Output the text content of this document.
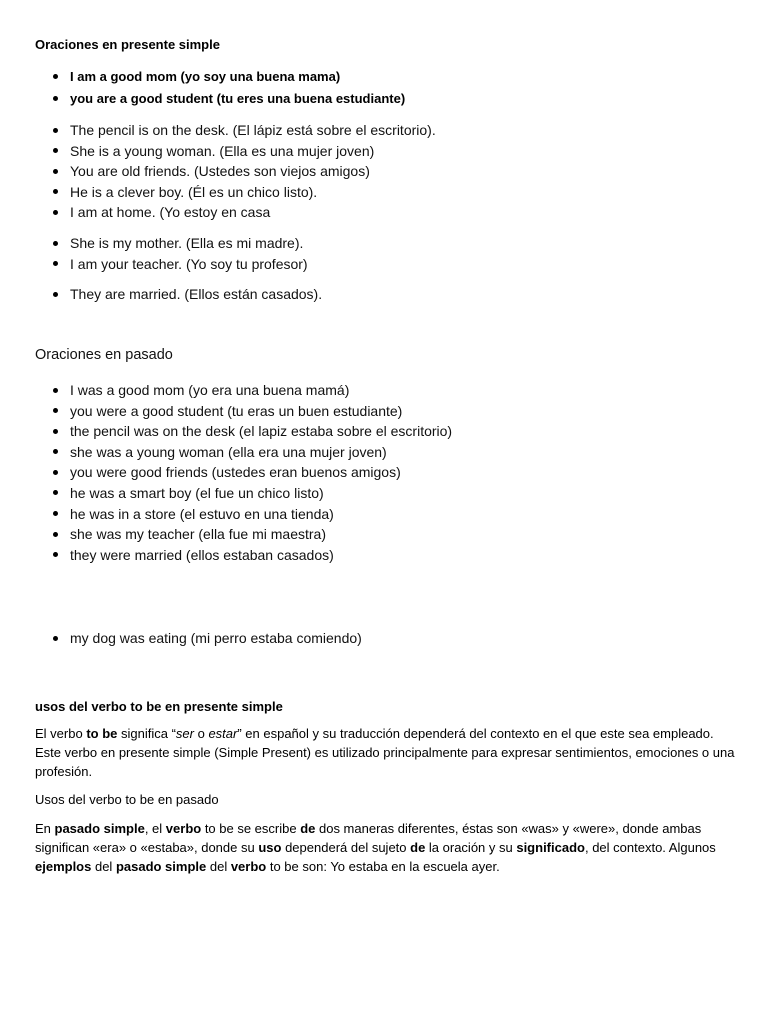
Oraciones en presente simple
I am a good mom (yo soy una buena mama)
you are a good student (tu eres una buena estudiante)
The pencil is on the desk. (El lápiz está sobre el escritorio).
She is a young woman. (Ella es una mujer joven)
You are old friends. (Ustedes son viejos amigos)
He is a clever boy. (Él es un chico listo).
I am at home. (Yo estoy en casa
She is my mother. (Ella es mi madre).
I am your teacher. (Yo soy tu profesor)
They are married. (Ellos están casados).
Oraciones en pasado
I was a good mom (yo era una buena mamá)
you were a good student (tu eras un buen estudiante)
the pencil was on the desk (el lapiz estaba sobre el escritorio)
she was a young woman (ella era una mujer joven)
you were good friends (ustedes eran buenos amigos)
he was a smart boy (el fue un chico listo)
he was in a store (el estuvo en una tienda)
she was my teacher (ella fue mi maestra)
they were married (ellos estaban casados)
my dog was eating (mi perro estaba comiendo)
usos del verbo to be en presente simple
El verbo to be significa “ser o estar” en español y su traducción dependerá del contexto en el que este sea empleado. Este verbo en presente simple (Simple Present) es utilizado principalmente para expresar sentimientos, emociones o una profesión.
Usos del verbo to be en pasado
En pasado simple, el verbo to be se escribe de dos maneras diferentes, éstas son «was» y «were», donde ambas significan «era» o «estaba», donde su uso dependerá del sujeto de la oración y su significado, del contexto. Algunos ejemplos del pasado simple del verbo to be son: Yo estaba en la escuela ayer.
